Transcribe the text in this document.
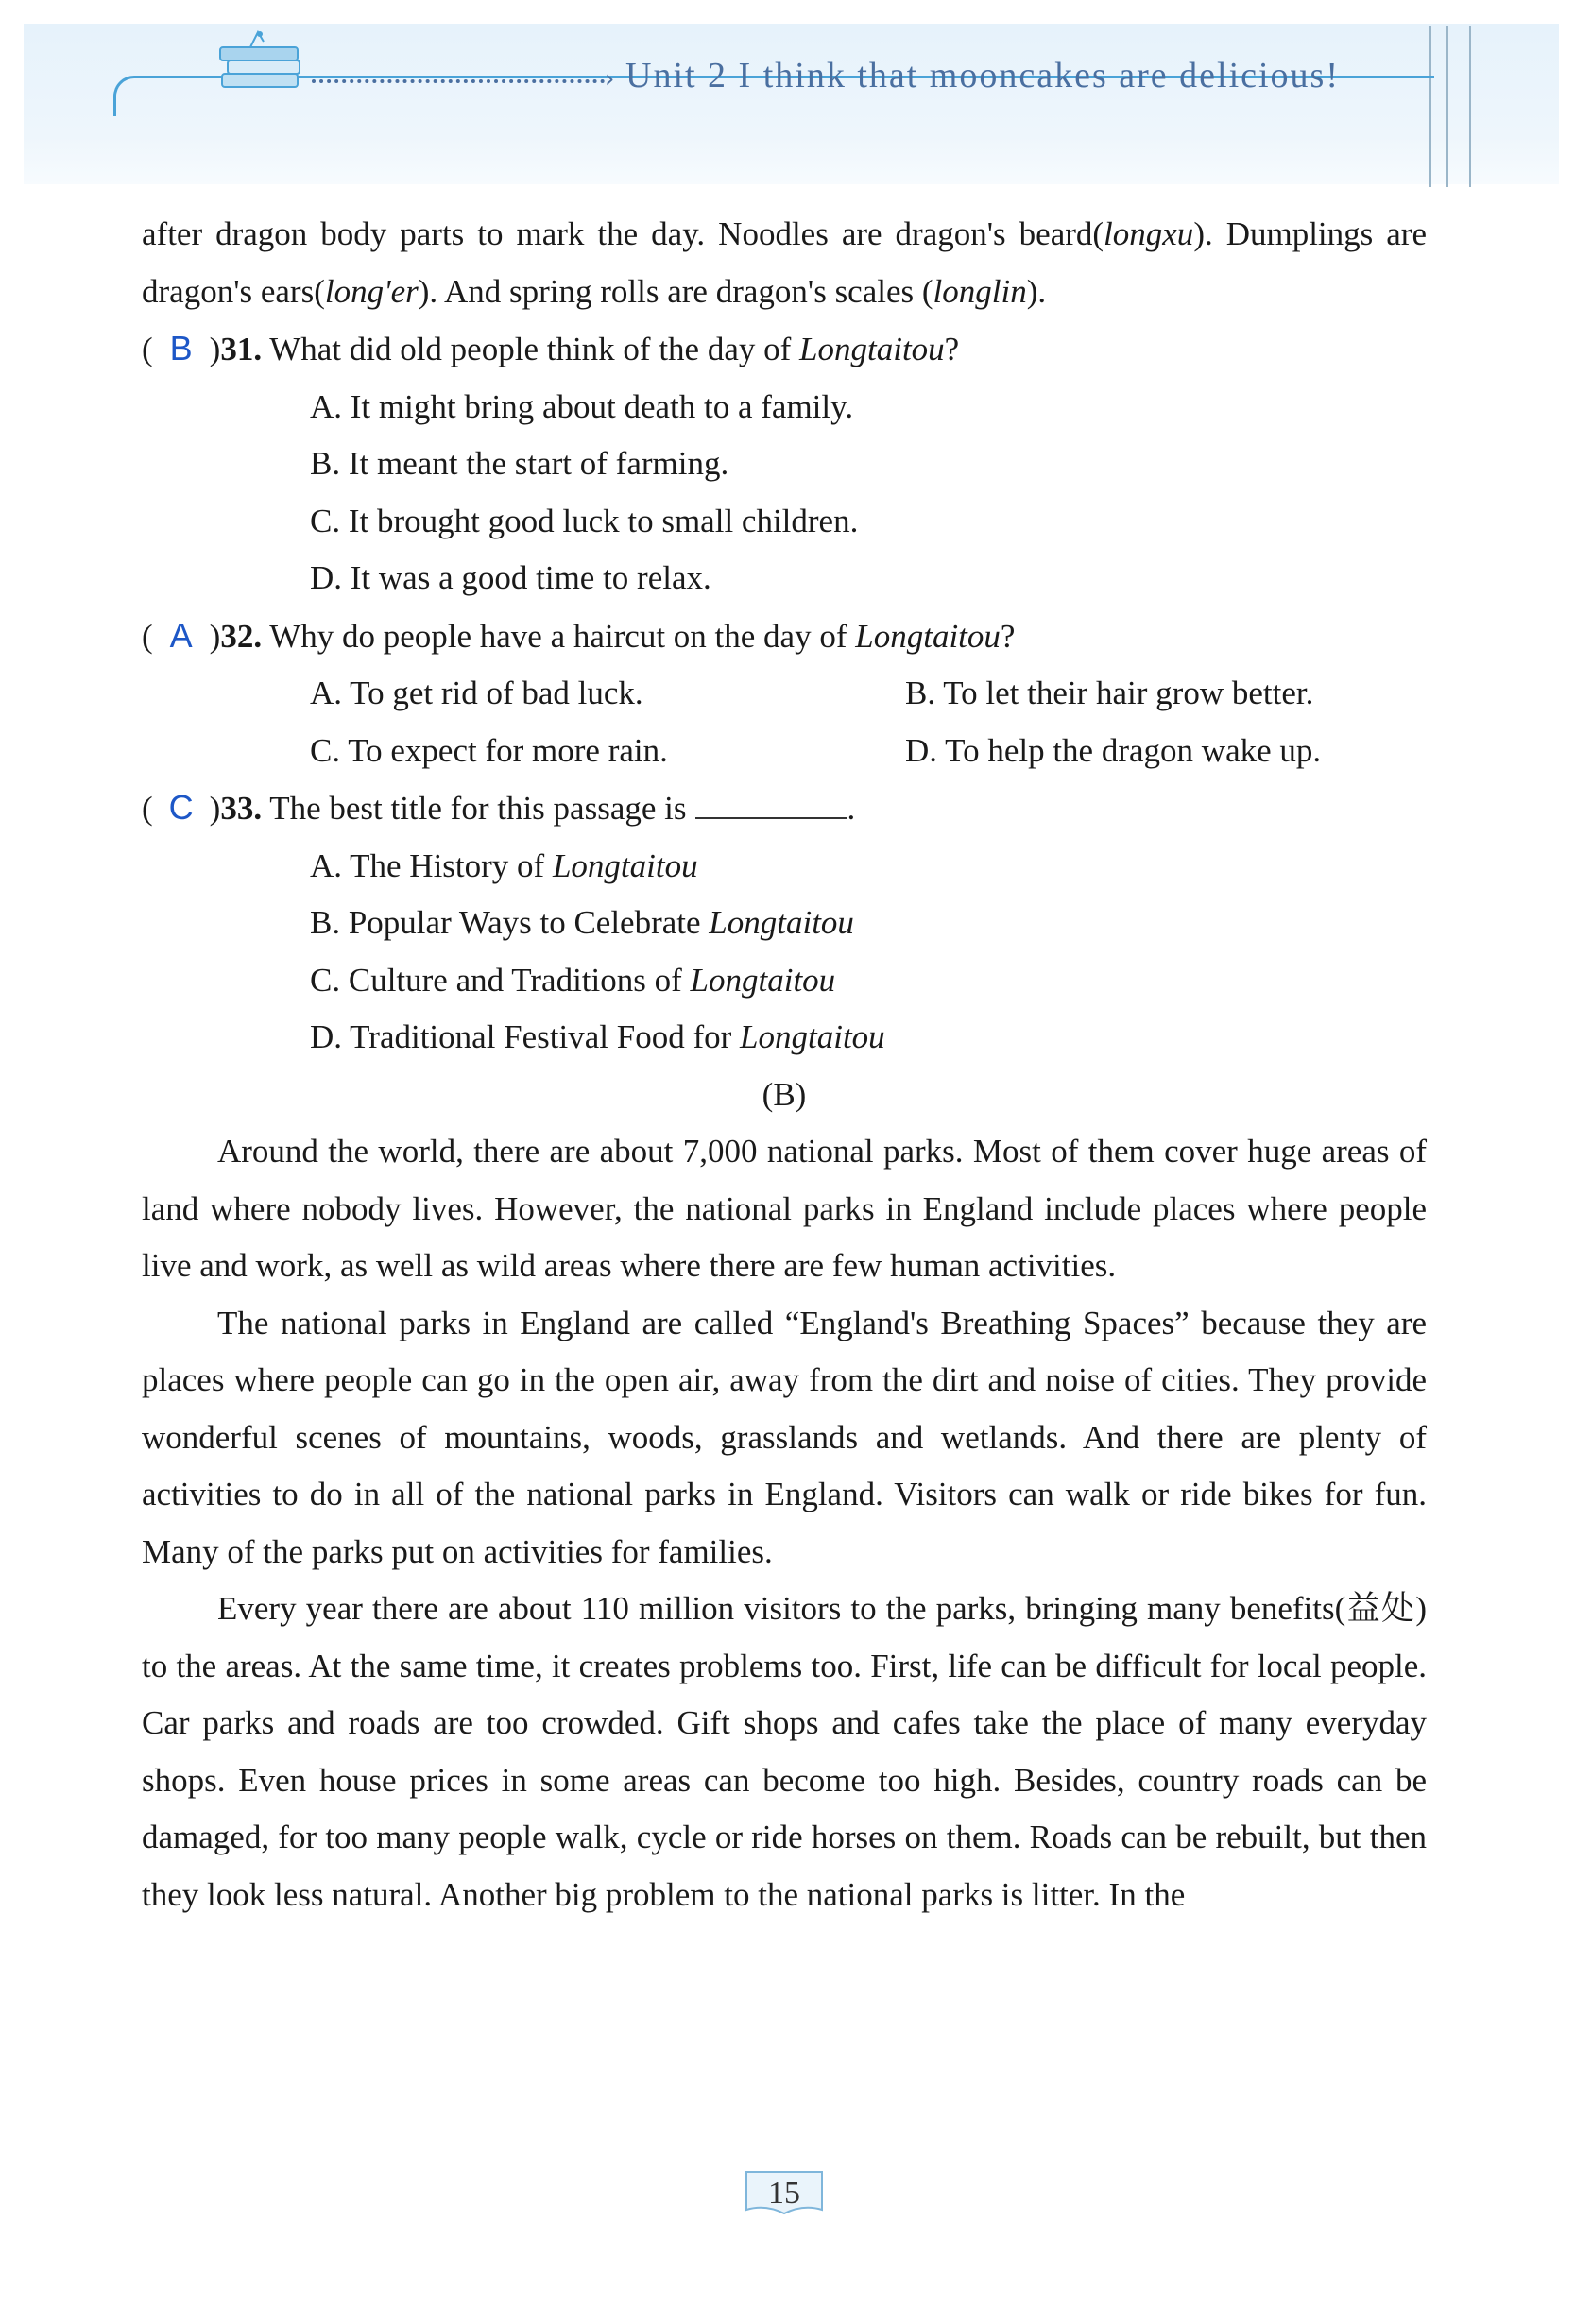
› Unit 2 I think that mooncakes are delicious!

after dragon body parts to mark the day. Noodles are dragon's beard(longxu). Dumplings are dragon's ears(long'er). And spring rolls are dragon's scales (longlin).

( B )31. What did old people think of the day of Longtaitou?
A. It might bring about death to a family.
B. It meant the start of farming.
C. It brought good luck to small children.
D. It was a good time to relax.
( A )32. Why do people have a haircut on the day of Longtaitou?
A. To get rid of bad luck.	B. To let their hair grow better.
C. To expect for more rain.	D. To help the dragon wake up.
( C )33. The best title for this passage is	.
A. The History of Longtaitou
B. Popular Ways to Celebrate Longtaitou
C. Culture and Traditions of Longtaitou
D. Traditional Festival Food for Longtaitou
(B)

Around the world, there are about 7,000 national parks. Most of them cover huge areas of land where nobody lives. However, the national parks in England include places where people live and work, as well as wild areas where there are few human activities.

The national parks in England are called “England's Breathing Spaces” because they are places where people can go in the open air, away from the dirt and noise of cities. They provide wonderful scenes of mountains, woods, grasslands and wetlands. And there are plenty of activities to do in all of the national parks in England. Visitors can walk or ride bikes for fun. Many of the parks put on activities for families.

Every year there are about 110 million visitors to the parks, bringing many benefits(益处) to the areas. At the same time, it creates problems too. First, life can be difficult for local people. Car parks and roads are too crowded. Gift shops and cafes take the place of many everyday shops. Even house prices in some areas can become too high. Besides, country roads can be damaged, for too many people walk, cycle or ride horses on them. Roads can be rebuilt, but then they look less natural. Another big problem to the national parks is litter. In the

15
